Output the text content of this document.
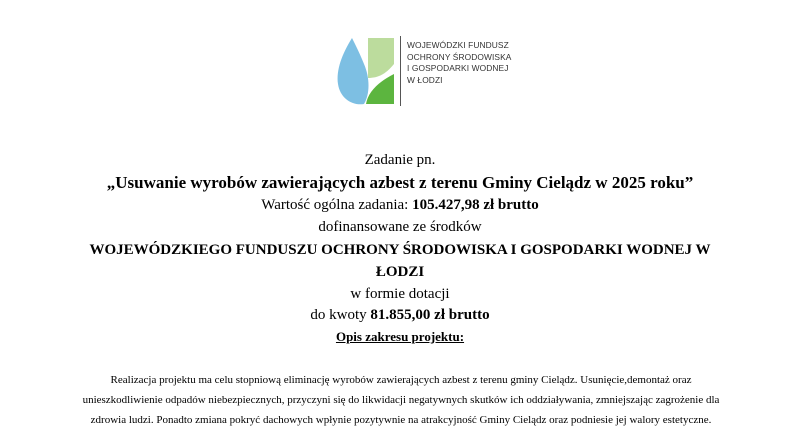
WOJEWÓDZKI FUNDUSZ
OCHRONY ŚRODOWISKA
I GOSPODARKI WODNEJ
W ŁODZI
Zadanie pn.
„Usuwanie wyrobów zawierających azbest z terenu Gminy Cielądz w 2025 roku”
Wartość ogólna zadania: 105.427,98 zł brutto
dofinansowane ze środków
WOJEWÓDZKIEGO FUNDUSZU OCHRONY ŚRODOWISKA I GOSPODARKI WODNEJ W
ŁODZI
w formie dotacji
do kwoty 81.855,00 zł brutto
Opis zakresu projektu:
Realizacja projektu ma celu stopniową eliminację wyrobów zawierających azbest z terenu gminy Cielądz. Usunięcie,demontaż oraz
unieszkodliwienie odpadów niebezpiecznych, przyczyni się do likwidacji negatywnych skutków ich oddziaływania, zmniejszając zagrożenie dla
zdrowia ludzi. Ponadto zmiana pokryć dachowych wpłynie pozytywnie na atrakcyjność Gminy Cielądz oraz podniesie jej walory estetyczne.
